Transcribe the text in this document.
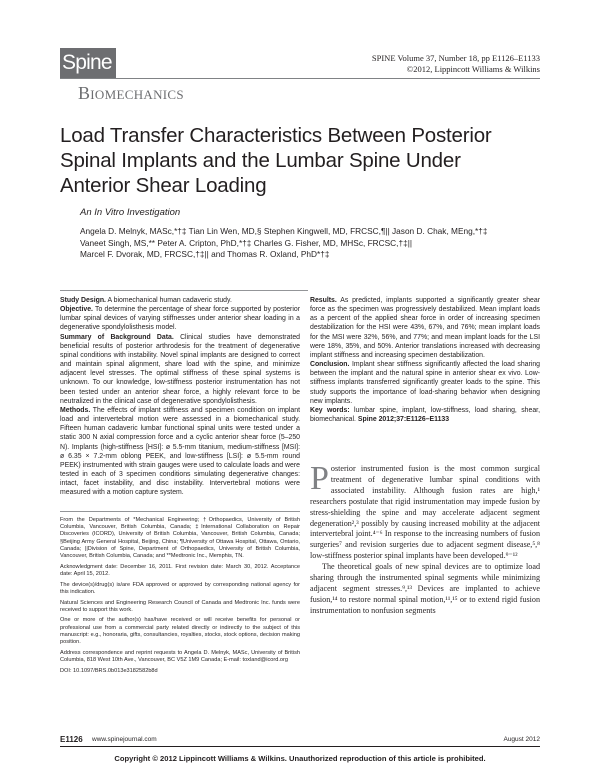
Spine
Biomechanics
SPINE Volume 37, Number 18, pp E1126–E1133
©2012, Lippincott Williams & Wilkins
Load Transfer Characteristics Between Posterior
Spinal Implants and the Lumbar Spine Under
Anterior Shear Loading
An In Vitro Investigation
Angela D. Melnyk, MASc,*†‡ Tian Lin Wen, MD,§ Stephen Kingwell, MD, FRCSC,¶|| Jason D. Chak, MEng,*†‡
Vaneet Singh, MS,** Peter A. Cripton, PhD,*†‡ Charles G. Fisher, MD, MHSc, FRCSC,†‡||
Marcel F. Dvorak, MD, FRCSC,†‡|| and Thomas R. Oxland, PhD*†‡

Study Design. A biomechanical human cadaveric study.

Objective. To determine the percentage of shear force supported by posterior lumbar spinal devices of varying stiffnesses under anterior shear loading in a degenerative spondylolisthesis model.

Summary of Background Data. Clinical studies have demonstrated beneficial results of posterior arthrodesis for the treatment of degenerative spinal conditions with instability. Novel spinal implants are designed to correct and maintain spinal alignment, share load with the spine, and minimize adjacent level stresses. The optimal stiffness of these spinal systems is unknown. To our knowledge, low-stiffness posterior instrumentation has not been tested under an anterior shear force, a highly relevant force to be neutralized in the clinical case of degenerative spondylolisthesis.

Methods. The effects of implant stiffness and specimen condition on implant load and intervertebral motion were assessed in a biomechanical study. Fifteen human cadaveric lumbar functional spinal units were tested under a static 300 N axial compression force and a cyclic anterior shear force (5–250 N). Implants (high-stiffness [HSI]: ø 5.5-mm titanium, medium-stiffness [MSI]: ø 6.35 × 7.2-mm oblong PEEK, and low-stiffness [LSI]: ø 5.5-mm round PEEK) instrumented with strain gauges were used to calculate loads and were tested in each of 3 specimen conditions simulating degenerative changes: intact, facet instability, and disc instability. Intervertebral motions were measured with a motion capture system.

Results. As predicted, implants supported a significantly greater shear force as the specimen was progressively destabilized. Mean implant loads as a percent of the applied shear force in order of increasing specimen destabilization for the HSI were 43%, 67%, and 76%; mean implant loads for the MSI were 32%, 56%, and 77%; and mean implant loads for the LSI were 18%, 35%, and 50%. Anterior translations increased with decreasing implant stiffness and increasing specimen destabilization.

Conclusion. Implant shear stiffness significantly affected the load sharing between the implant and the natural spine in anterior shear ex vivo. Low-stiffness implants transferred significantly greater loads to the spine. This study supports the importance of load-sharing behavior when designing new implants.

Key words: lumbar spine, implant, low-stiffness, load sharing, shear, biomechanical. Spine 2012;37:E1126–E1133

From the Departments of *Mechanical Engineering; †Orthopaedics, University of British Columbia, Vancouver, British Columbia, Canada; ‡International Collaboration on Repair Discoveries (ICORD), University of British Columbia, Vancouver, British Columbia, Canada; §Beijing Army General Hospital, Beijing, China; ¶University of Ottawa Hospital, Ottawa, Ontario, Canada; ||Division of Spine, Department of Orthopaedics, University of British Columbia, Vancouver, British Columbia, Canada; and **Medtronic Inc., Memphis, TN.

Acknowledgment date: December 16, 2011. First revision date: March 30, 2012. Acceptance date: April 15, 2012.

The device(s)/drug(s) is/are FDA approved or approved by corresponding national agency for this indication.

Natural Sciences and Engineering Research Council of Canada and Medtronic Inc. funds were received to support this work.

One or more of the author(s) has/have received or will receive benefits for personal or professional use from a commercial party related directly or indirectly to the subject of this manuscript: e.g., honoraria, gifts, consultancies, royalties, stocks, stock options, decision making position.

Address correspondence and reprint requests to Angela D. Melnyk, MASc, University of British Columbia, 818 West 10th Ave., Vancouver, BC V5Z 1M9 Canada; E-mail: toxland@icord.org

DOI: 10.1097/BRS.0b013e3182582b8d

Posterior instrumented fusion is the most common surgical treatment of degenerative lumbar spinal conditions with associated instability. Although fusion rates are high,¹ researchers postulate that rigid instrumentation may impede fusion by stress-shielding the spine and may accelerate adjacent segment degeneration²,³ possibly by causing increased mobility at the adjacent intervertebral joint.⁴⁻⁶ In response to the increasing numbers of fusion surgeries⁷ and revision surgeries due to adjacent segment disease,⁵,⁸ low-stiffness posterior spinal implants have been developed.⁹⁻¹²

The theoretical goals of new spinal devices are to optimize load sharing through the instrumented spinal segments while minimizing adjacent segment stresses.⁹,¹³ Devices are implanted to achieve fusion,¹⁴ to restore normal spinal motion,¹¹,¹⁵ or to extend rigid fusion instrumentation to nonfusion segments

E1126 www.spinejournal.com	August 2012
Copyright © 2012 Lippincott Williams & Wilkins. Unauthorized reproduction of this article is prohibited.
